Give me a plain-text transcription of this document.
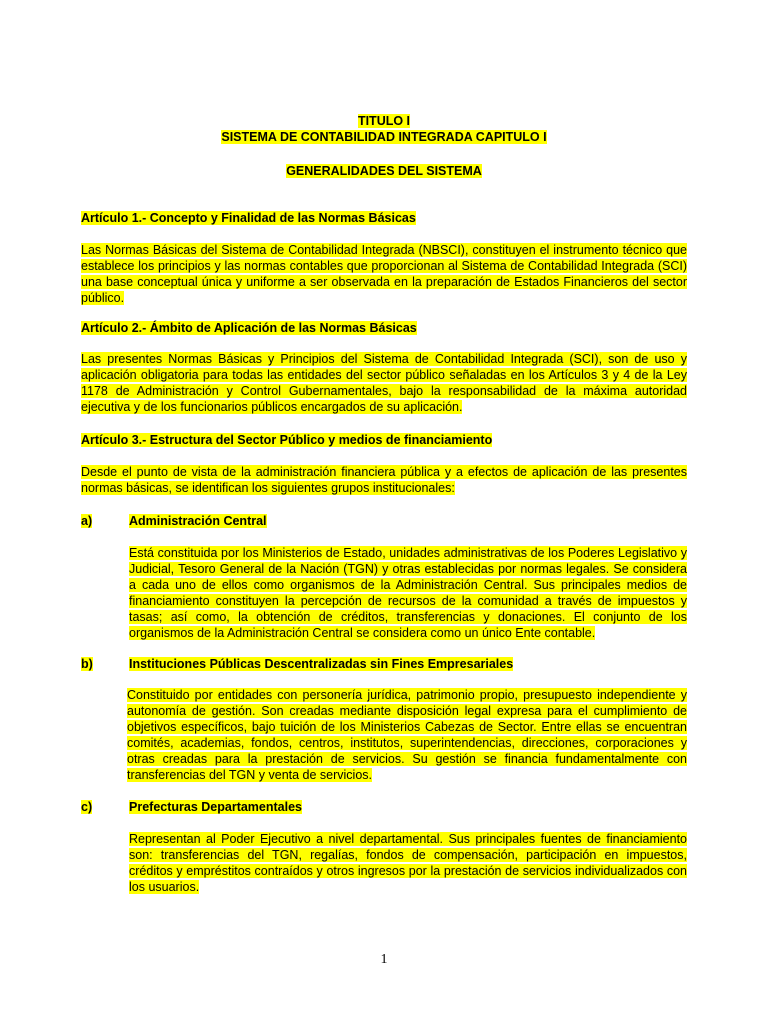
TITULO I
SISTEMA DE CONTABILIDAD INTEGRADA CAPITULO I
GENERALIDADES DEL SISTEMA
Artículo 1.- Concepto y Finalidad de las Normas Básicas

Las Normas Básicas del Sistema de Contabilidad Integrada (NBSCI), constituyen el instrumento técnico que establece los principios y las normas contables que proporcionan al Sistema de Contabilidad Integrada (SCI) una base conceptual única y uniforme a ser observada en la preparación de Estados Financieros del sector público.

Artículo 2.- Ámbito de Aplicación de las Normas Básicas

Las presentes Normas Básicas y Principios del Sistema de Contabilidad Integrada (SCI), son de uso y aplicación obligatoria para todas las entidades del sector público señaladas en los Artículos 3 y 4 de la Ley 1178 de Administración y Control Gubernamentales, bajo la responsabilidad de la máxima autoridad ejecutiva y de los funcionarios públicos encargados de su aplicación.

Artículo 3.- Estructura del Sector Público y medios de financiamiento

Desde el punto de vista de la administración financiera pública y a efectos de aplicación de las presentes normas básicas, se identifican los siguientes grupos institucionales:

a)	Administración Central

Está constituida por los Ministerios de Estado, unidades administrativas de los Poderes Legislativo y Judicial, Tesoro General de la Nación (TGN) y otras establecidas por normas legales. Se considera a cada uno de ellos como organismos de la Administración Central. Sus principales medios de financiamiento constituyen la percepción de recursos de la comunidad a través de impuestos y tasas; así como, la obtención de créditos, transferencias y donaciones. El conjunto de los organismos de la Administración Central se considera como un único Ente contable.

b)	Instituciones Públicas Descentralizadas sin Fines Empresariales

Constituido por entidades con personería jurídica, patrimonio propio, presupuesto independiente y autonomía de gestión. Son creadas mediante disposición legal expresa para el cumplimiento de objetivos específicos, bajo tuición de los Ministerios Cabezas de Sector. Entre ellas se encuentran comités, academias, fondos, centros, institutos, superintendencias, direcciones, corporaciones y otras creadas para la prestación de servicios. Su gestión se financia fundamentalmente con transferencias del TGN y venta de servicios.

c)	Prefecturas Departamentales

Representan al Poder Ejecutivo a nivel departamental. Sus principales fuentes de financiamiento son: transferencias del TGN, regalías, fondos de compensación, participación en impuestos, créditos y empréstitos contraídos y otros ingresos por la prestación de servicios individualizados con los usuarios.

1
